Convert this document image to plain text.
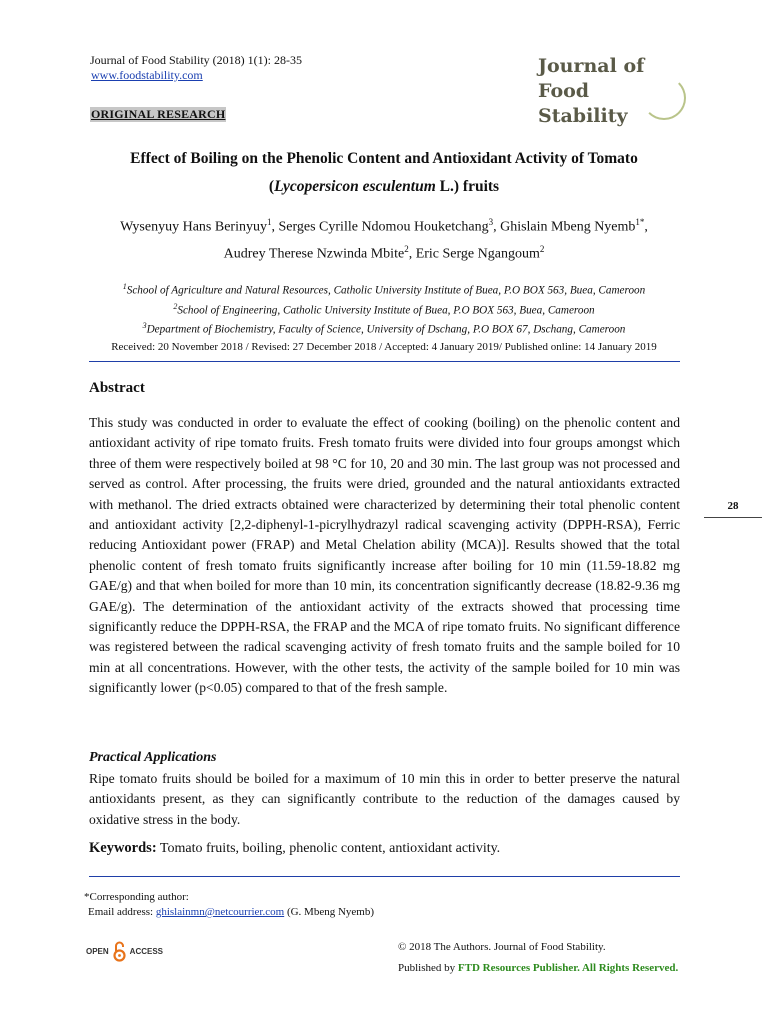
Journal of Food Stability (2018) 1(1): 28-35
www.foodstability.com	Journal of
Food Stability
ORIGINAL RESEARCH
Effect of Boiling on the Phenolic Content and Antioxidant Activity of Tomato
(Lycopersicon esculentum L.) fruits
Wysenyuy Hans Berinyuy$^1$, Serges Cyrille Ndomou Houketchang$^3$, Ghislain Mbeng Nyemb$^{1*}$,
Audrey Therese Nzwinda Mbite$^2$, Eric Serge Ngangoum$^2$
$^1$School of Agriculture and Natural Resources, Catholic University Institute of Buea, P.O BOX 563, Buea, Cameroon
$^2$School of Engineering, Catholic University Institute of Buea, P.O BOX 563, Buea, Cameroon
$^3$Department of Biochemistry, Faculty of Science, University of Dschang, P.O BOX 67, Dschang, Cameroon
Received: 20 November 2018 / Revised: 27 December 2018 / Accepted: 4 January 2019/ Published online: 14 January 2019
Abstract
This study was conducted in order to evaluate the effect of cooking (boiling) on the phenolic content and antioxidant activity of ripe tomato fruits. Fresh tomato fruits were divided into four groups amongst which three of them were respectively boiled at 98 °C for 10, 20 and 30 min. The last group was not processed and served as control. After processing, the fruits were dried, grounded and the natural antioxidants extracted with methanol. The dried extracts obtained were characterized by determining their total phenolic content and antioxidant activity [2,2-diphenyl-1-picrylhydrazyl radical scavenging activity (DPPH-RSA), Ferric reducing Antioxidant power (FRAP) and Metal Chelation ability (MCA)]. Results showed that the total phenolic content of fresh tomato fruits significantly increase after boiling for 10 min (11.59-18.82 mg GAE/g) and that when boiled for more than 10 min, its concentration significantly decrease (18.82-9.36 mg GAE/g). The determination of the antioxidant activity of the extracts showed that processing time significantly reduce the DPPH-RSA, the FRAP and the MCA of ripe tomato fruits. No significant difference was registered between the radical scavenging activity of fresh tomato fruits and the sample boiled for 10 min at all concentrations. However, with the other tests, the activity of the sample boiled for 10 min was significantly lower (p<0.05) compared to that of the fresh sample.
Practical Applications
Ripe tomato fruits should be boiled for a maximum of 10 min this in order to better preserve the natural antioxidants present, as they can significantly contribute to the reduction of the damages caused by oxidative stress in the body.
Keywords: Tomato fruits, boiling, phenolic content, antioxidant activity.
28
*Corresponding author:
Email address: ghislainmn@netcourrier.com (G. Mbeng Nyemb)
OPEN	ACCESS	© 2018 The Authors. Journal of Food Stability.
Published by FTD Resources Publisher. All Rights Reserved.
